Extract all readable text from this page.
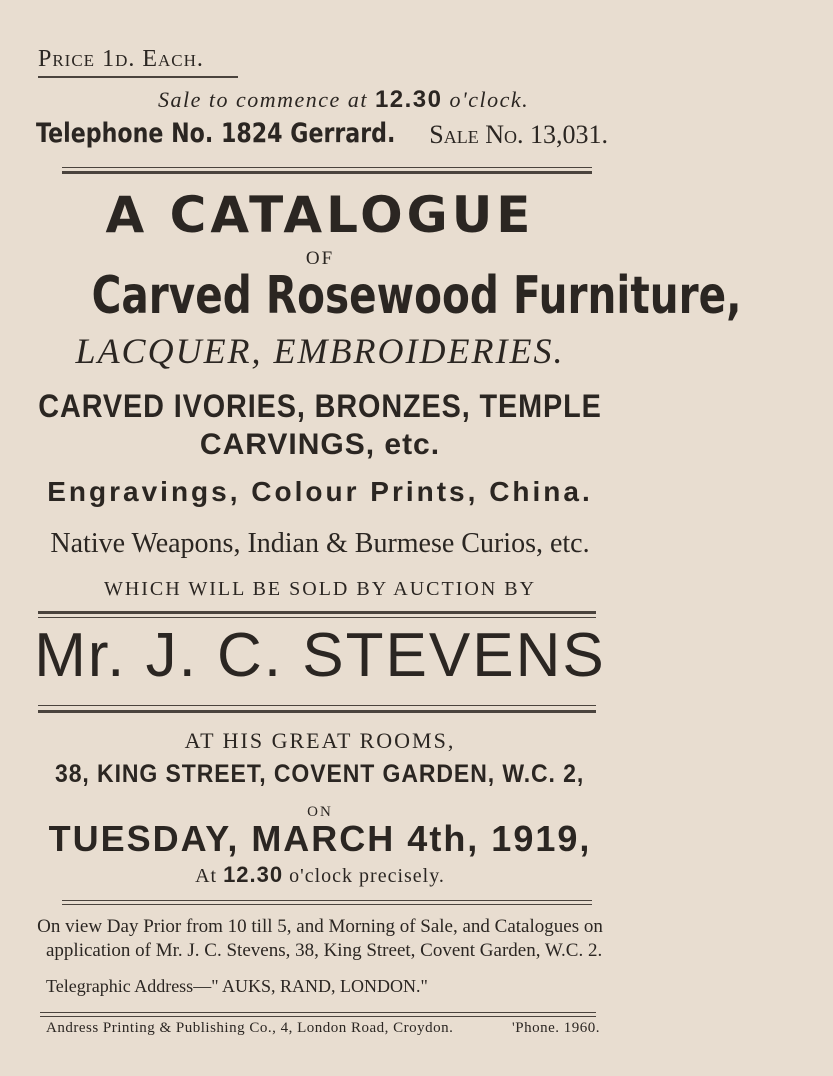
Price 1d. Each.
Sale to commence at 12.30 o'clock.
Telephone No. 1824 Gerrard.	Sale No. 13,031.
A CATALOGUE
OF
Carved Rosewood Furniture,
LACQUER, EMBROIDERIES.
CARVED IVORIES, BRONZES, TEMPLE
CARVINGS, etc.
Engravings, Colour Prints, China.
Native Weapons, Indian & Burmese Curios, etc.
WHICH WILL BE SOLD BY AUCTION BY
Mr. J. C. STEVENS
AT HIS GREAT ROOMS,
38, KING STREET, COVENT GARDEN, W.C. 2,
ON
TUESDAY, MARCH 4th, 1919,
At 12.30 o'clock precisely.
On view Day Prior from 10 till 5, and Morning of Sale, and Catalogues on
application of Mr. J. C. Stevens, 38, King Street, Covent Garden, W.C. 2.
Telegraphic Address—" AUKS, RAND, LONDON."
Andress Printing & Publishing Co., 4, London Road, Croydon.	'Phone. 1960.
